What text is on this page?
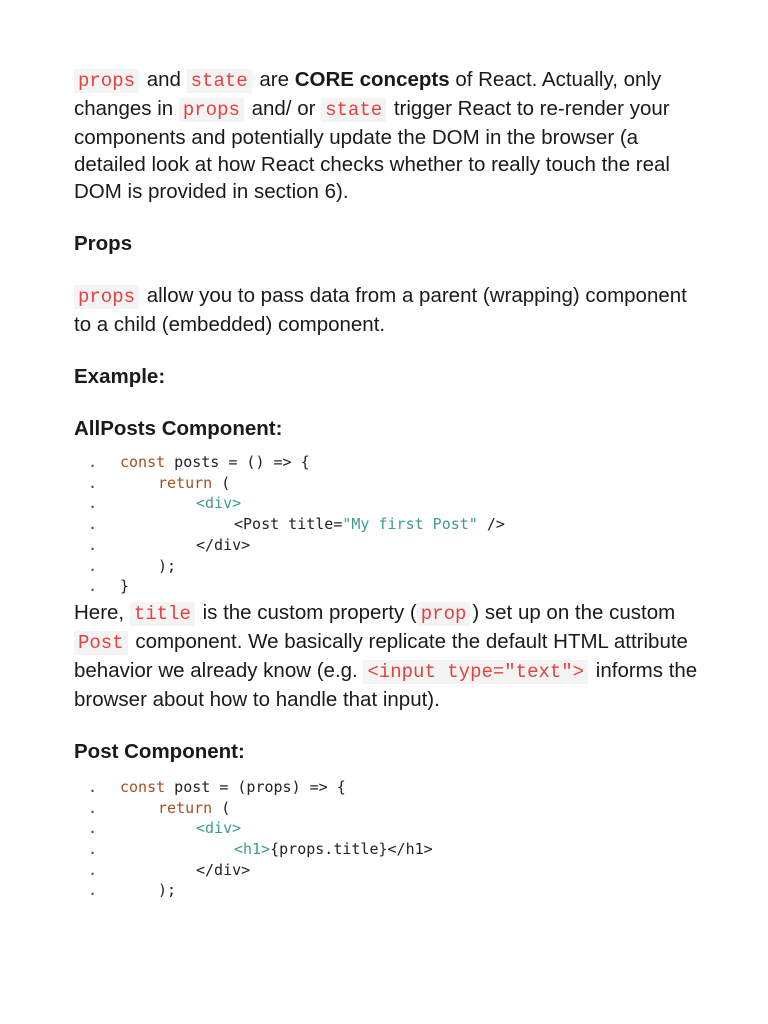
props and state are CORE concepts of React. Actually, only changes in props and/ or state trigger React to re-render your components and potentially update the DOM in the browser (a detailed look at how React checks whether to really touch the real DOM is provided in section 6).

Props

props allow you to pass data from a parent (wrapping) component to a child (embedded) component.

Example:
AllPosts Component:
. const posts = () => {
.	return (
.	<div>
.	<Post title="My first Post" />
.	</div>
.	);
. }

Here, title is the custom property ( prop ) set up on the custom Post component. We basically replicate the default HTML attribute behavior we already know (e.g. <input type="text"> informs the browser about how to handle that input).

Post Component:
. const post = (props) => {
.	return (
.	<div>
.	<h1>{props.title}</h1>
.	</div>
.	);
